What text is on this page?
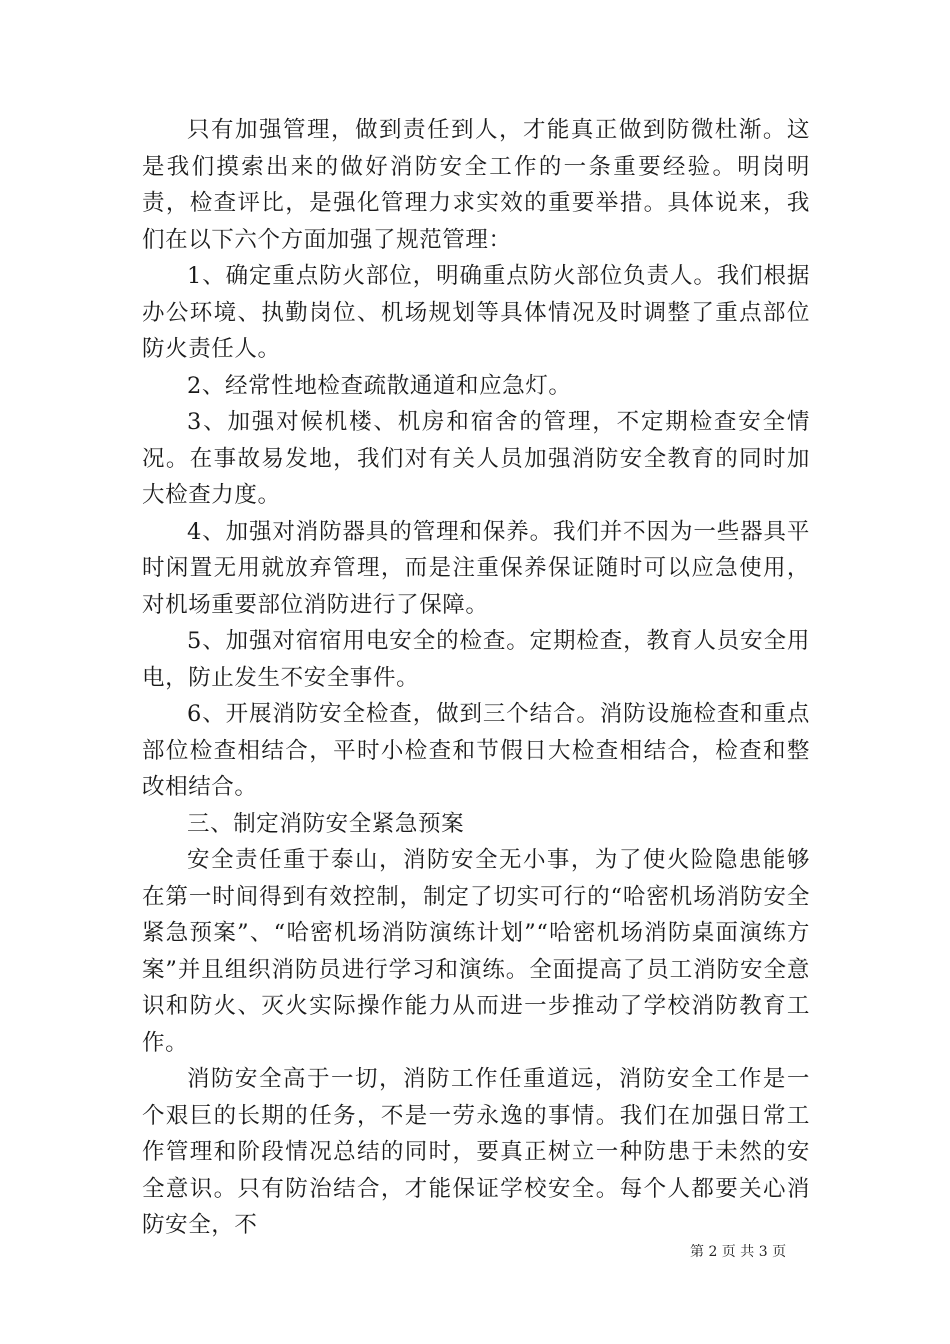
只有加强管理，做到责任到人，才能真正做到防微杜渐。这是我们摸索出来的做好消防安全工作的一条重要经验。明岗明责，检查评比，是强化管理力求实效的重要举措。具体说来，我们在以下六个方面加强了规范管理：

1、确定重点防火部位，明确重点防火部位负责人。我们根据办公环境、执勤岗位、机场规划等具体情况及时调整了重点部位防火责任人。

2、经常性地检查疏散通道和应急灯。

3、加强对候机楼、机房和宿舍的管理，不定期检查安全情况。在事故易发地，我们对有关人员加强消防安全教育的同时加大检查力度。

4、加强对消防器具的管理和保养。我们并不因为一些器具平时闲置无用就放弃管理，而是注重保养保证随时可以应急使用，对机场重要部位消防进行了保障。

5、加强对宿宿用电安全的检查。定期检查，教育人员安全用电，防止发生不安全事件。

6、开展消防安全检查，做到三个结合。消防设施检查和重点部位检查相结合，平时小检查和节假日大检查相结合，检查和整改相结合。

三、制定消防安全紧急预案

安全责任重于泰山，消防安全无小事，为了使火险隐患能够在第一时间得到有效控制，制定了切实可行的“哈密机场消防安全紧急预案”、“哈密机场消防演练计划”“哈密机场消防桌面演练方案”并且组织消防员进行学习和演练。全面提高了员工消防安全意识和防火、灭火实际操作能力从而进一步推动了学校消防教育工作。

消防安全高于一切，消防工作任重道远，消防安全工作是一个艰巨的长期的任务，不是一劳永逸的事情。我们在加强日常工作管理和阶段情况总结的同时，要真正树立一种防患于未然的安全意识。只有防治结合，才能保证学校安全。每个人都要关心消防安全，不

第 2 页 共 3 页
